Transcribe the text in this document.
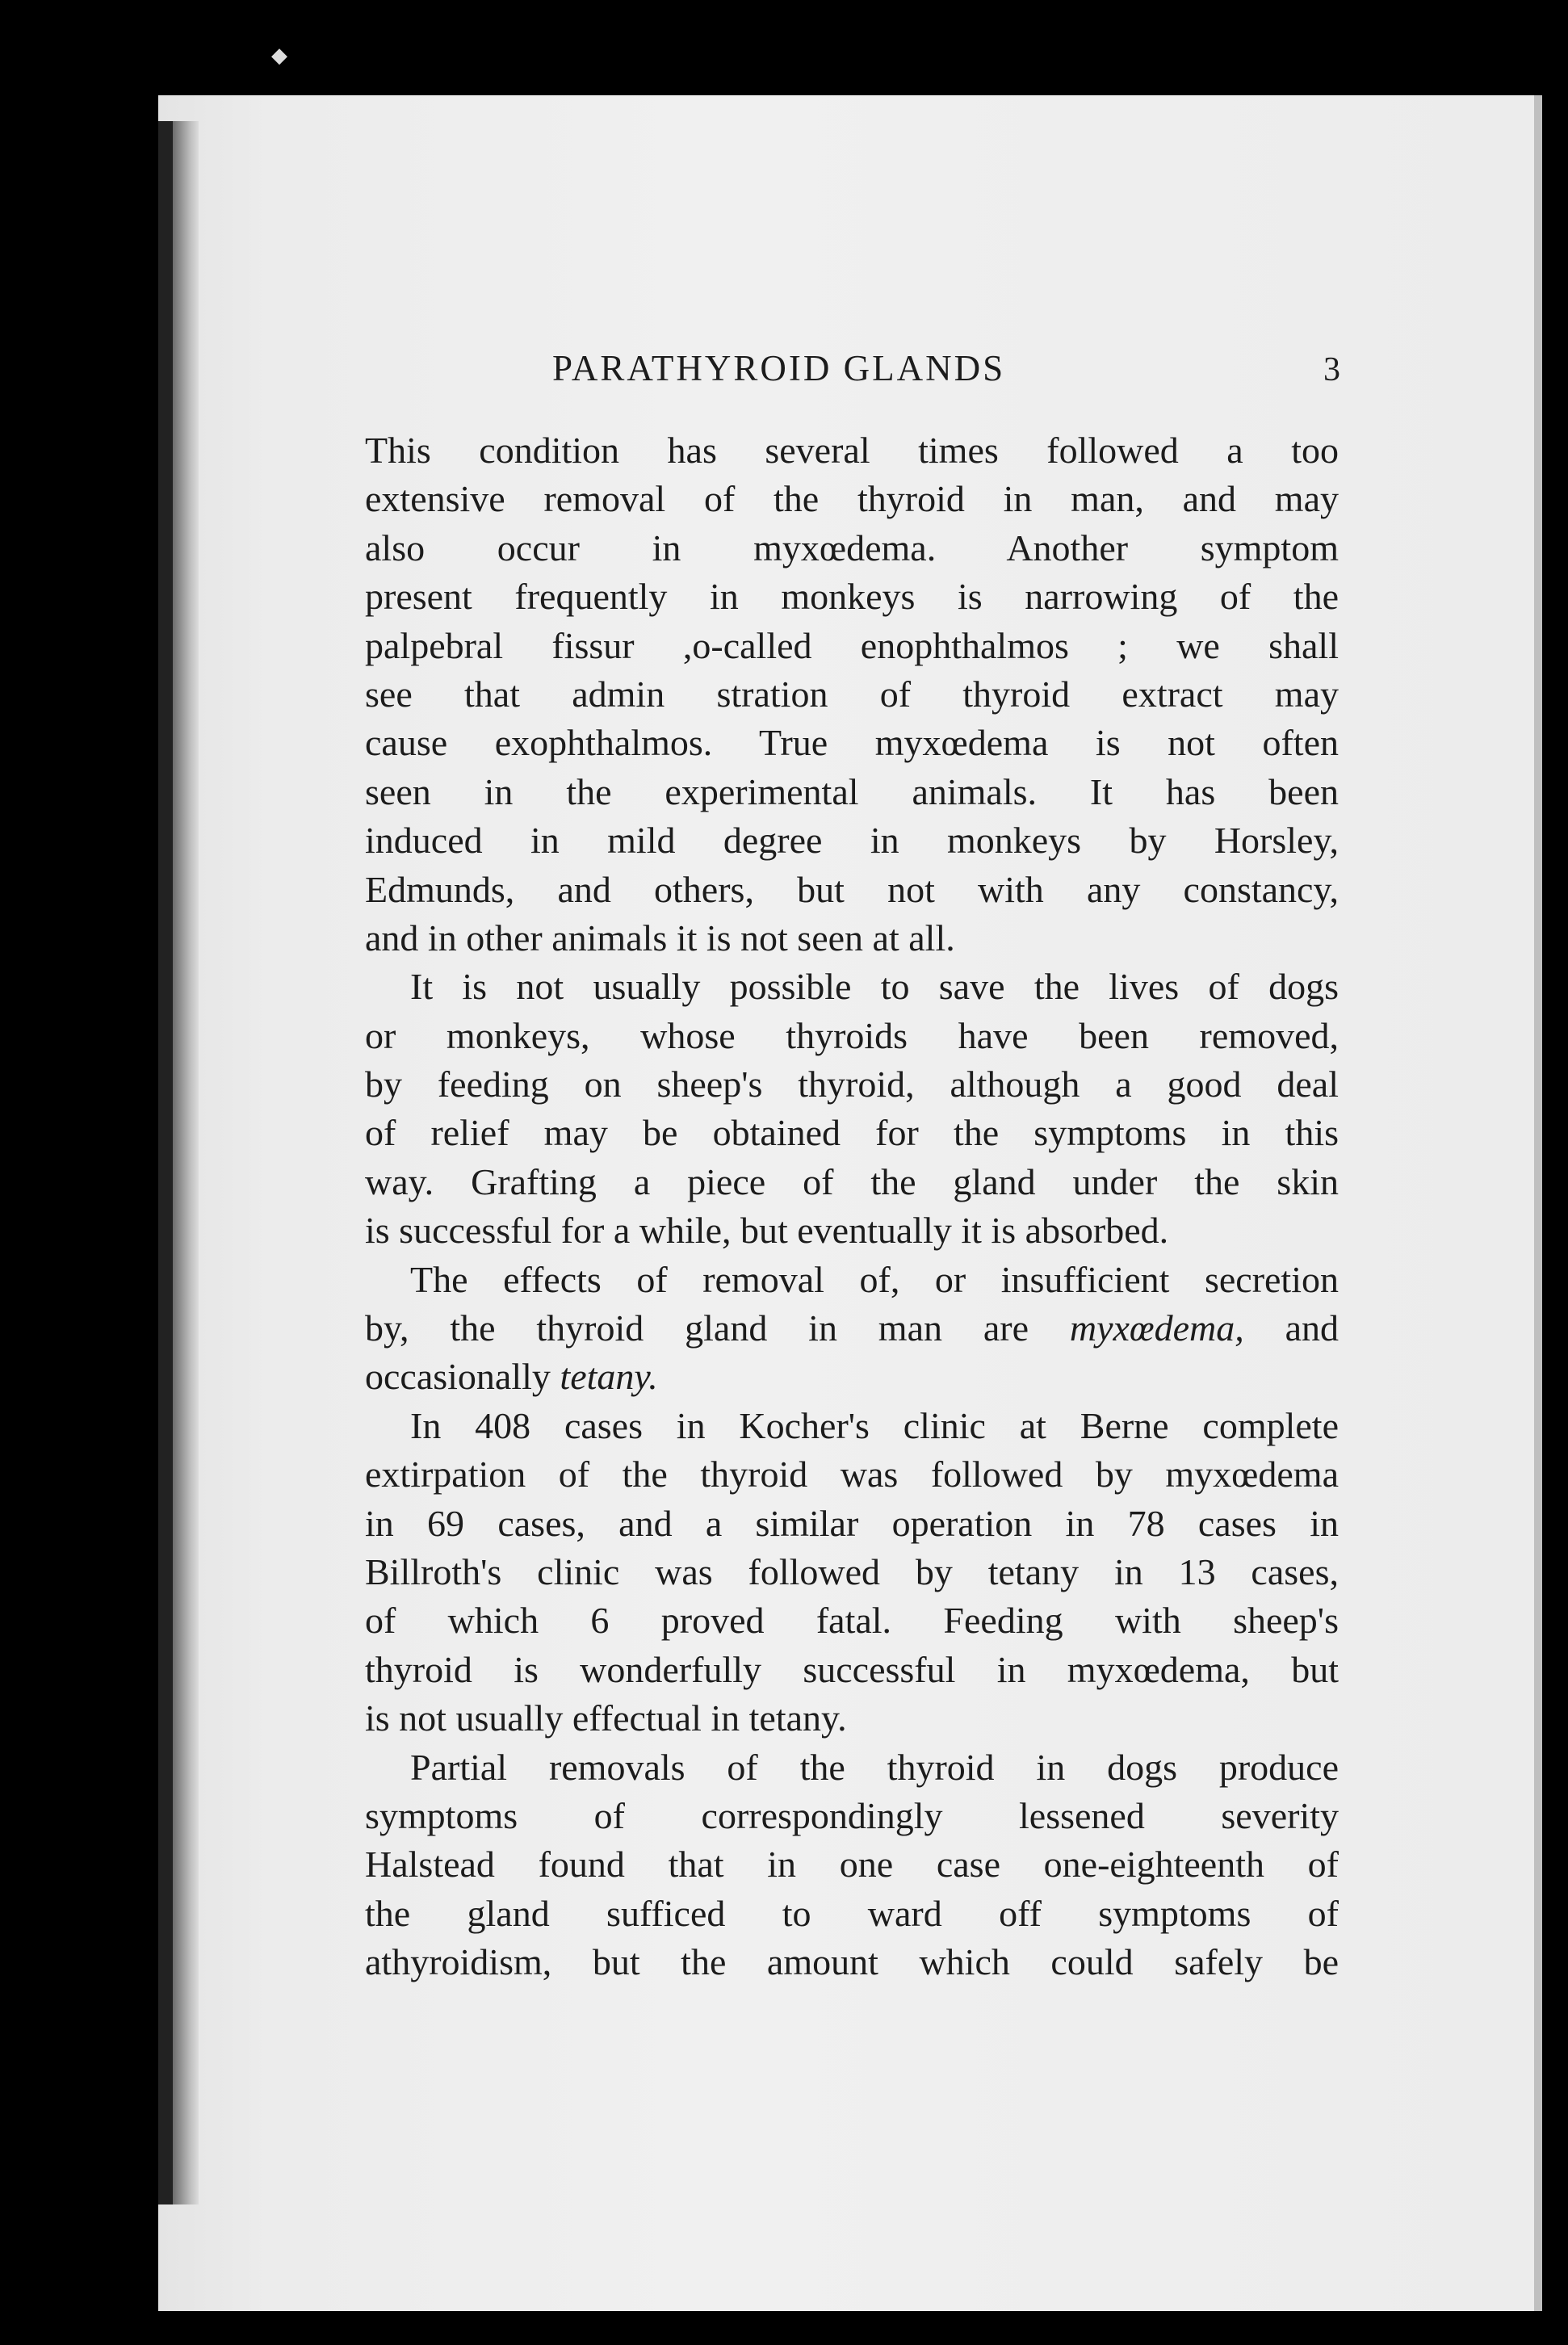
◆
PARATHYROID GLANDS	3
This condition has several times followed a too
extensive removal of the thyroid in man, and may
also occur in myxœdema. Another symptom
present frequently in monkeys is narrowing of the
palpebral fissur ,o-called enophthalmos ; we shall
see that admin stration of thyroid extract may
cause exophthalmos. True myxœdema is not often
seen in the experimental animals. It has been
induced in mild degree in monkeys by Horsley,
Edmunds, and others, but not with any constancy,
and in other animals it is not seen at all.
It is not usually possible to save the lives of dogs
or monkeys, whose thyroids have been removed,
by feeding on sheep's thyroid, although a good deal
of relief may be obtained for the symptoms in this
way. Grafting a piece of the gland under the skin
is successful for a while, but eventually it is absorbed.
The effects of removal of, or insufficient secretion
by, the thyroid gland in man are myxœdema, and
occasionally tetany.
In 408 cases in Kocher's clinic at Berne complete
extirpation of the thyroid was followed by myxœdema
in 69 cases, and a similar operation in 78 cases in
Billroth's clinic was followed by tetany in 13 cases,
of which 6 proved fatal. Feeding with sheep's
thyroid is wonderfully successful in myxœdema, but
is not usually effectual in tetany.
Partial removals of the thyroid in dogs produce
symptoms of correspondingly lessened severity
Halstead found that in one case one-eighteenth of
the gland sufficed to ward off symptoms of
athyroidism, but the amount which could safely be
